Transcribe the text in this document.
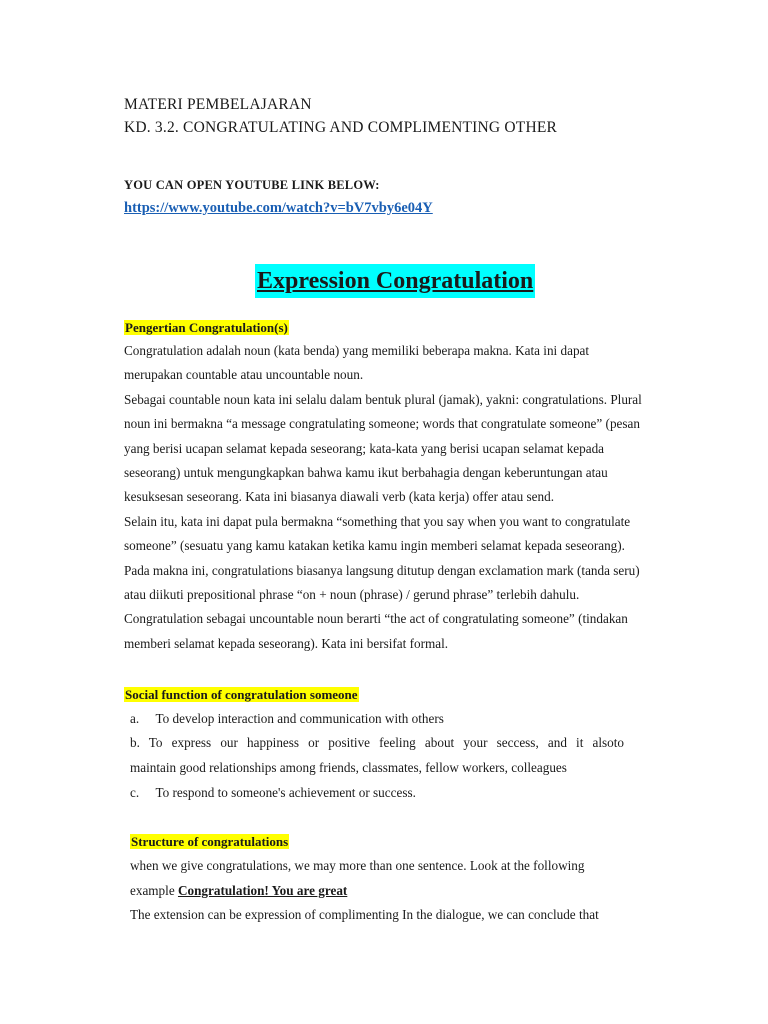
MATERI PEMBELAJARAN
KD. 3.2. CONGRATULATING AND COMPLIMENTING OTHER
YOU CAN OPEN YOUTUBE LINK BELOW:
https://www.youtube.com/watch?v=bV7vby6e04Y
Expression Congratulation
Pengertian Congratulation(s)

Congratulation adalah noun (kata benda) yang memiliki beberapa makna. Kata ini dapat

merupakan countable atau uncountable noun.

Sebagai countable noun kata ini selalu dalam bentuk plural (jamak), yakni: congratulations. Plural

noun ini bermakna “a message congratulating someone; words that congratulate someone” (pesan

yang berisi ucapan selamat kepada seseorang; kata-kata yang berisi ucapan selamat kepada

seseorang) untuk mengungkapkan bahwa kamu ikut berbahagia dengan keberuntungan atau

kesuksesan seseorang. Kata ini biasanya diawali verb (kata kerja) offer atau send.

Selain itu, kata ini dapat pula bermakna “something that you say when you want to congratulate

someone” (sesuatu yang kamu katakan ketika kamu ingin memberi selamat kepada seseorang).

Pada makna ini, congratulations biasanya langsung ditutup dengan exclamation mark (tanda seru)

atau diikuti prepositional phrase “on + noun (phrase) / gerund phrase” terlebih dahulu.

Congratulation sebagai uncountable noun berarti “the act of congratulating someone” (tindakan

memberi selamat kepada seseorang). Kata ini bersifat formal.

Social function of congratulation someone
a. To develop interaction and communication with others
b. To express our happiness or positive feeling about your seccess, and it alsoto
maintain good relationships among friends, classmates, fellow workers, colleagues
c. To respond to someone's achievement or success.
Structure of congratulations
when we give congratulations, we may more than one sentence. Look at the following
example Congratulation! You are great
The extension can be expression of complimenting In the dialogue, we can conclude that
